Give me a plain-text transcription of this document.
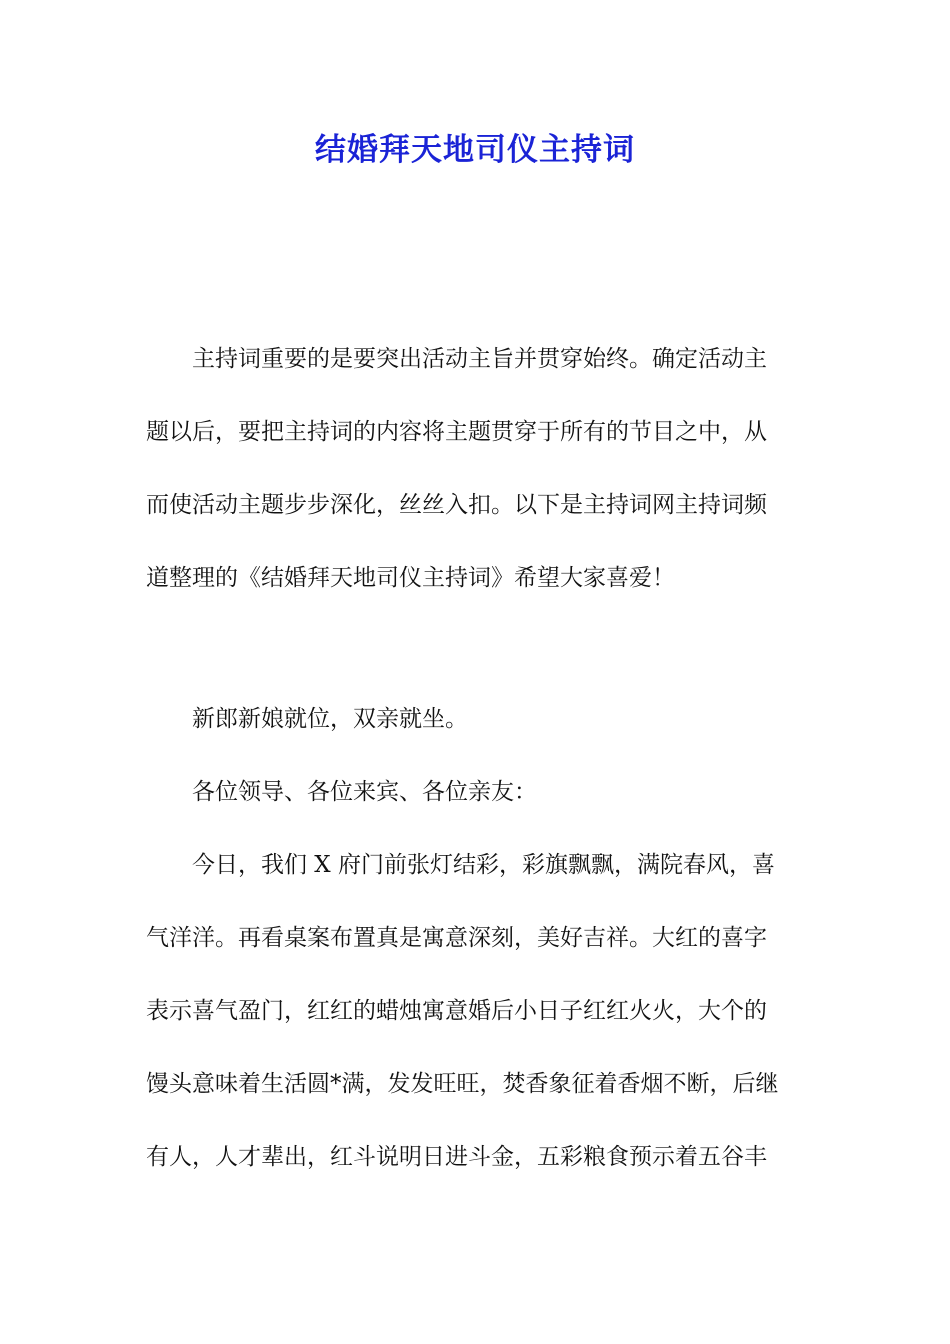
结婚拜天地司仪主持词
主持词重要的是要突出活动主旨并贯穿始终。确定活动主
题以后，要把主持词的内容将主题贯穿于所有的节目之中，从
而使活动主题步步深化，丝丝入扣。以下是主持词网主持词频
道整理的《结婚拜天地司仪主持词》希望大家喜爱！
新郎新娘就位，双亲就坐。
各位领导、各位来宾、各位亲友：
今日，我们 X 府门前张灯结彩，彩旗飘飘，满院春风，喜
气洋洋。再看桌案布置真是寓意深刻，美好吉祥。大红的喜字
表示喜气盈门，红红的蜡烛寓意婚后小日子红红火火，大个的
馒头意味着生活圆*满，发发旺旺，焚香象征着香烟不断，后继
有人，人才辈出，红斗说明日进斗金，五彩粮食预示着五谷丰
